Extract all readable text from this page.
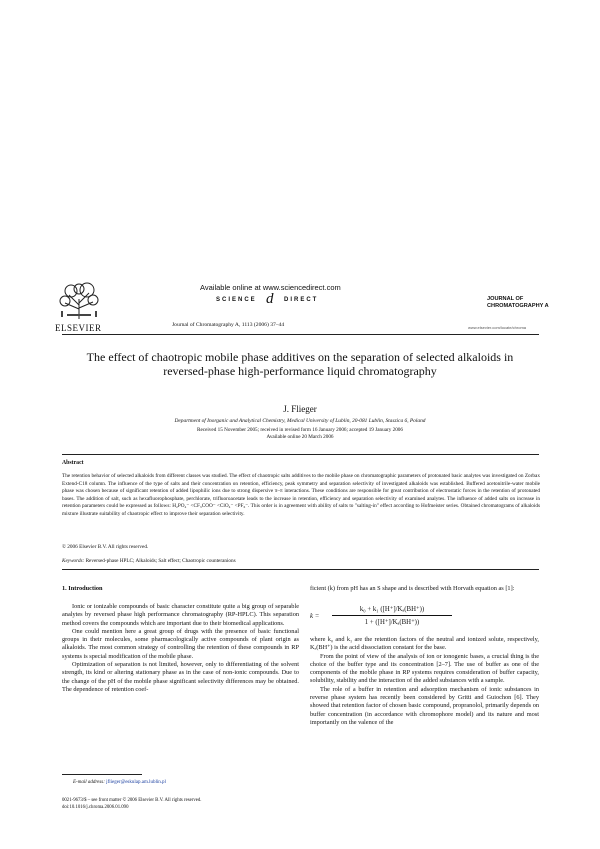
ELSEVIER
Available online at www.sciencedirect.com
SCIENCE d DIRECT
Journal of Chromatography A, 1113 (2006) 37–44
JOURNAL OF
CHROMATOGRAPHY A
www.elsevier.com/locate/chroma
The effect of chaotropic mobile phase additives on the separation of selected alkaloids in reversed-phase high-performance liquid chromatography
J. Flieger
Department of Inorganic and Analytical Chemistry, Medical University of Lublin, 20-081 Lublin, Staszica 6, Poland
Received 15 November 2005; received in revised form 16 January 2006; accepted 19 January 2006
Available online 20 March 2006
Abstract
The retention behavior of selected alkaloids from different classes was studied. The effect of chaotropic salts additives to the mobile phase on chromatographic parameters of protonated basic analytes was investigated on Zorbax Extend-C18 column. The influence of the type of salts and their concentration on retention, efficiency, peak symmetry and separation selectivity of investigated alkaloids was established. Buffered acetonitrile-water mobile phase was chosen because of significant retention of added lipophilic ions due to strong dispersive π–π interactions. These conditions are responsible for great contribution of electrostatic forces in the retention of protonated bases. The addition of salt, such as hexafluorophosphate, perchlorate, trifluoroacetate leads to the increase in retention, efficiency and separation selectivity of examined analytes. The influence of added salts on increase in retention parameters could be expressed as follows: H₂PO₄⁻ <CF₃COO⁻ <ClO₄⁻ <PF₆⁻. This order is in agreement with ability of salts to "salting-in" effect according to Hofmeister series. Obtained chromatograms of alkaloids mixture illustrate suitability of chaotropic effect to improve their separation selectivity.
© 2006 Elsevier B.V. All rights reserved.
Keywords: Reversed-phase HPLC; Alkaloids; Salt effect; Chaotropic counteranions
1. Introduction

Ionic or ionizable compounds of basic character constitute quite a big group of separable analytes by reversed phase high performance chromatography (RP-HPLC). This separation method covers the compounds which are important due to their biomedical applications.

One could mention here a great group of drugs with the presence of basic functional groups in their molecules, some pharmacologically active compounds of plant origin as alkaloids. The most common strategy of controlling the retention of these compounds in RP systems is special modification of the mobile phase.

Optimization of separation is not limited, however, only to differentiating of the solvent strength, its kind or altering stationary phase as in the case of non-ionic compounds. Due to the change of the pH of the mobile phase significant selectivity differences may be obtained. The dependence of retention coef-

ficient (k) from pH has an S shape and is described with Horvath equation as [1]:

k =
k₀ + k₁ ([H⁺]/Kₐ(BH⁺))
1 + ([H⁺]/Kₐ(BH⁺))

where k₀ and k₁ are the retention factors of the neutral and ionized solute, respectively, Kₐ(BH⁺) is the acid dissociation constant for the base.

From the point of view of the analysis of ion or ionogenic bases, a crucial thing is the choice of the buffer type and its concentration [2–7]. The use of buffer as one of the components of the mobile phase in RP systems requires consideration of buffer capacity, solubility, stability and the interaction of the added substances with a sample.

The role of a buffer in retention and adsorption mechanism of ionic substances in reverse phase system has recently been considered by Gritti and Guiochon [6]. They showed that retention factor of chosen basic compound, propranolol, primarily depends on buffer concentration (in accordance with chromophore model) and its nature and most importantly on the valence of the

E-mail address: jflieger@eskulap.am.lublin.pl
0021-9673/$ – see front matter © 2006 Elsevier B.V. All rights reserved.
doi:10.1016/j.chroma.2006.01.090
